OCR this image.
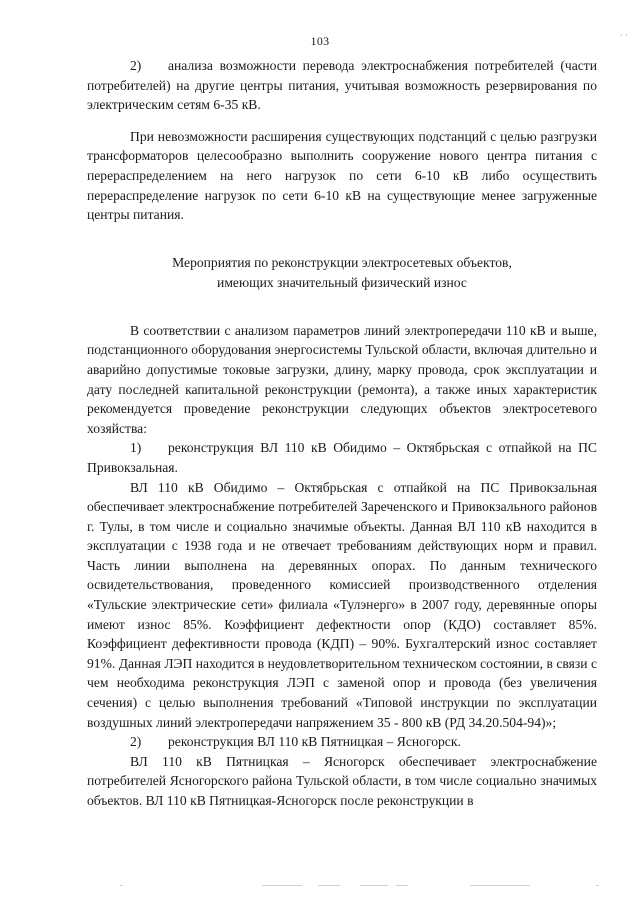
103	· ·

2) анализа возможности перевода электроснабжения потребителей (части потребителей) на другие центры питания, учитывая возможность резервирования по электрическим сетям 6-35 кВ.

При невозможности расширения существующих подстанций с целью разгрузки трансформаторов целесообразно выполнить сооружение нового центра питания с перераспределением на него нагрузок по сети 6-10 кВ либо осуществить перераспределение нагрузок по сети 6-10 кВ на существующие менее загруженные центры питания.

Мероприятия по реконструкции электросетевых объектов,
имеющих значительный физический износ

В соответствии с анализом параметров линий электропередачи 110 кВ и выше, подстанционного оборудования энергосистемы Тульской области, включая длительно и аварийно допустимые токовые загрузки, длину, марку провода, срок эксплуатации и дату последней капитальной реконструкции (ремонта), а также иных характеристик рекомендуется проведение реконструкции следующих объектов электросетевого хозяйства:

1) реконструкция ВЛ 110 кВ Обидимо – Октябрьская с отпайкой на ПС Привокзальная.

ВЛ 110 кВ Обидимо – Октябрьская с отпайкой на ПС Привокзальная обеспечивает электроснабжение потребителей Зареченского и Привокзального районов г. Тулы, в том числе и социально значимые объекты. Данная ВЛ 110 кВ находится в эксплуатации с 1938 года и не отвечает требованиям действующих норм и правил. Часть линии выполнена на деревянных опорах. По данным технического освидетельствования, проведенного комиссией производственного отделения «Тульские электрические сети» филиала «Тулэнерго» в 2007 году, деревянные опоры имеют износ 85%. Коэффициент дефектности опор (КДО) составляет 85%. Коэффициент дефективности провода (КДП) – 90%. Бухгалтерский износ составляет 91%. Данная ЛЭП находится в неудовлетворительном техническом состоянии, в связи с чем необходима реконструкция ЛЭП с заменой опор и провода (без увеличения сечения) с целью выполнения требований «Типовой инструкции по эксплуатации воздушных линий электропередачи напряжением 35 - 800 кВ (РД 34.20.504-94)»;

2) реконструкция ВЛ 110 кВ Пятницкая – Ясногорск.

ВЛ 110 кВ Пятницкая – Ясногорск обеспечивает электроснабжение потребителей Ясногорского района Тульской области, в том числе социально значимых объектов. ВЛ 110 кВ Пятницкая-Ясногорск после реконструкции в
